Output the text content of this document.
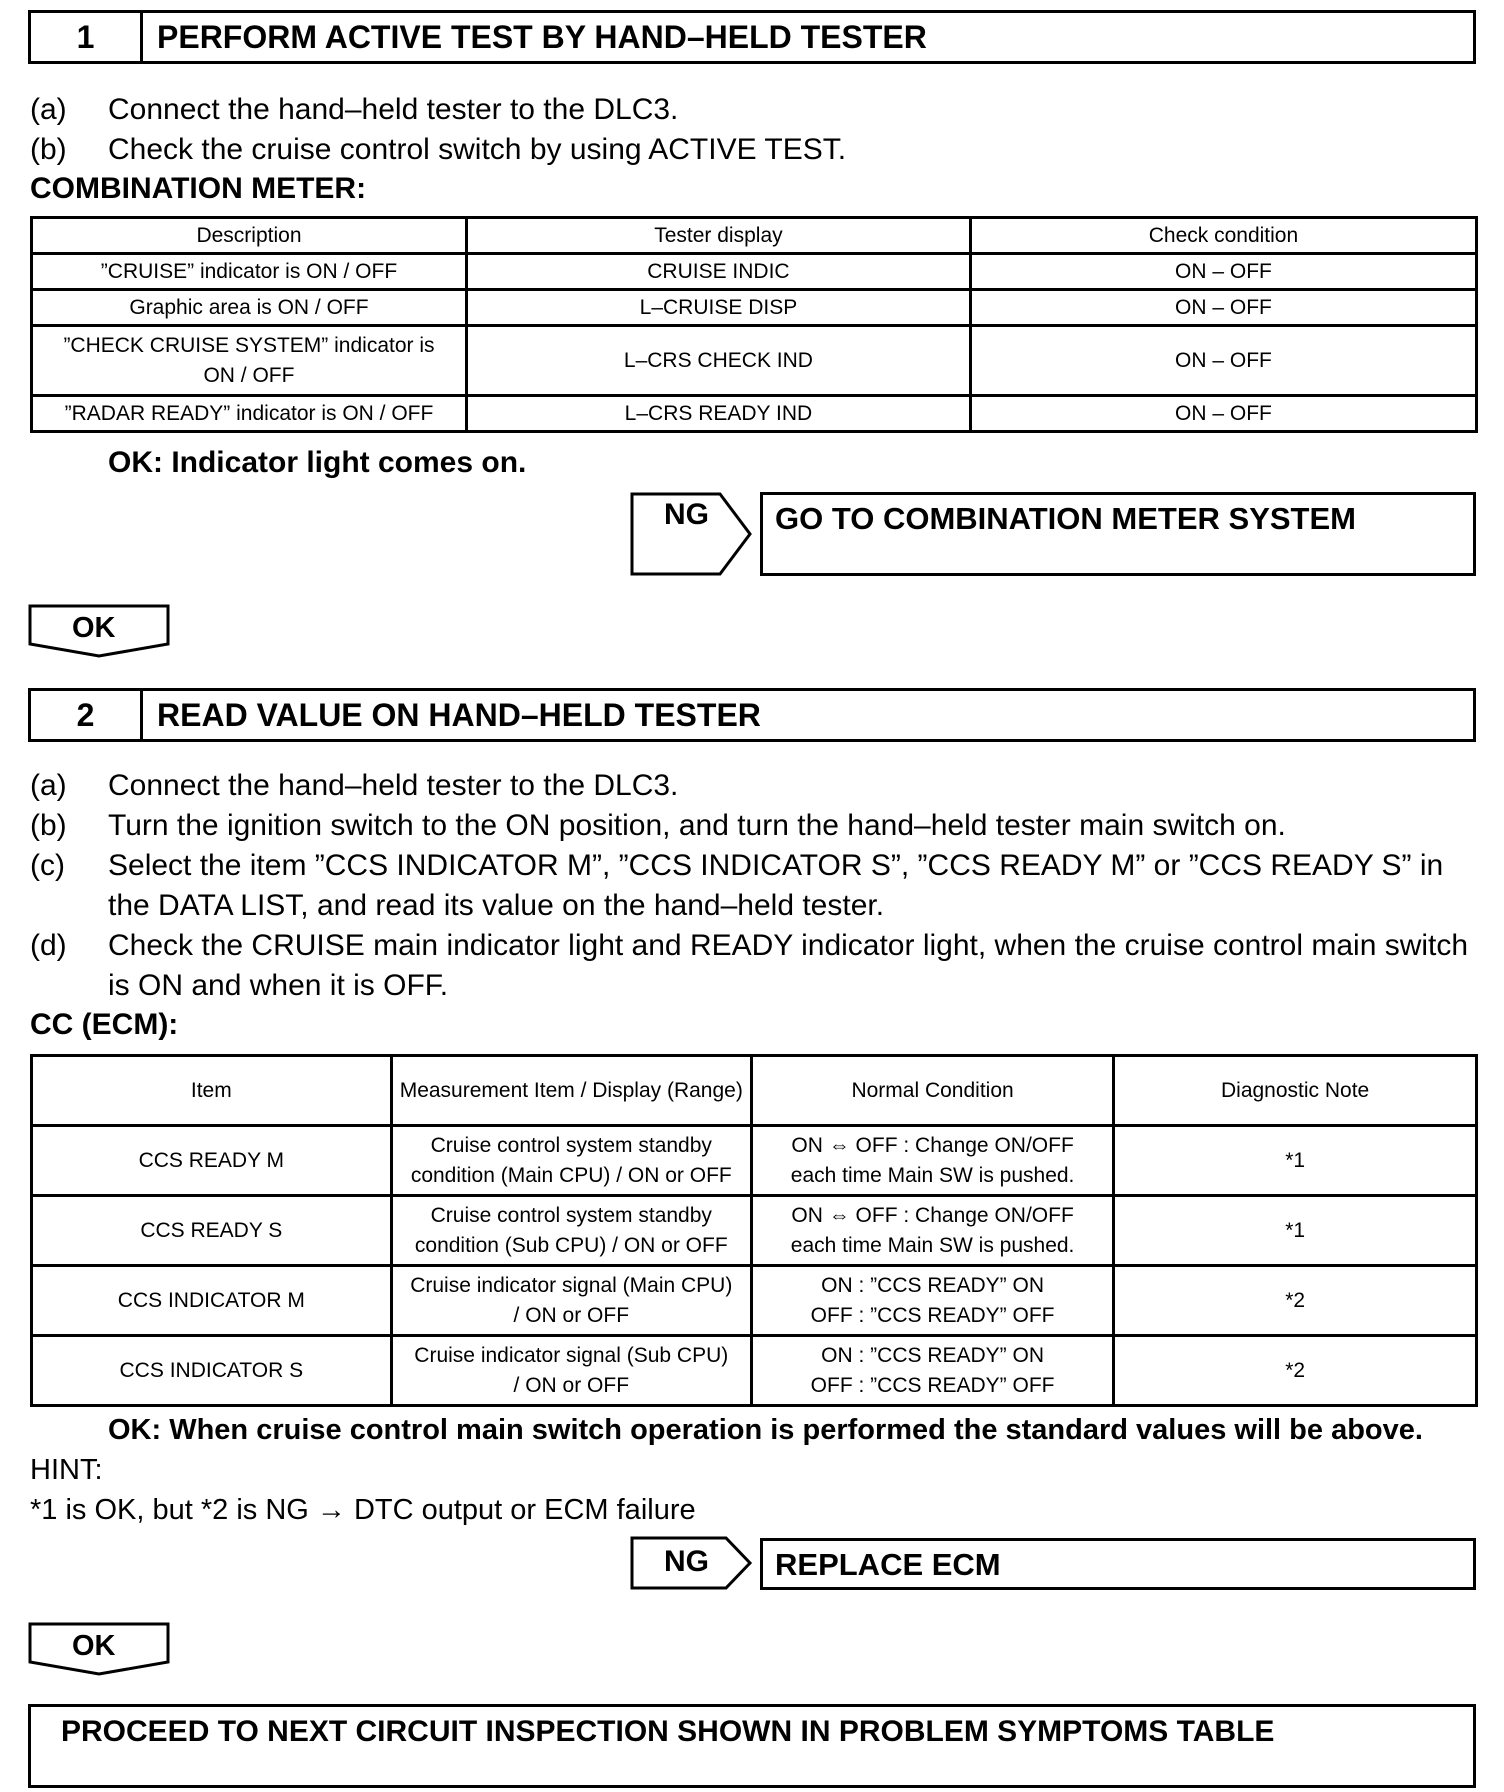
1	PERFORM ACTIVE TEST BY HAND–HELD TESTER
(a) Connect the hand–held tester to the DLC3.
(b) Check the cruise control switch by using ACTIVE TEST.
COMBINATION METER:
Description	Tester display	Check condition
”CRUISE” indicator is ON / OFF	CRUISE INDIC	ON – OFF
Graphic area is ON / OFF	L–CRUISE DISP	ON – OFF
”CHECK CRUISE SYSTEM” indicator is
ON / OFF	L–CRS CHECK IND	ON – OFF
”RADAR READY” indicator is ON / OFF	L–CRS READY IND	ON – OFF
OK: Indicator light comes on.
NG	GO TO COMBINATION METER SYSTEM
OK
2	READ VALUE ON HAND–HELD TESTER
(a) Connect the hand–held tester to the DLC3.
(b) Turn the ignition switch to the ON position, and turn the hand–held tester main switch on.
(c) Select the item ”CCS INDICATOR M”, ”CCS INDICATOR S”, ”CCS READY M” or ”CCS READY S” in
the DATA LIST, and read its value on the hand–held tester.
(d) Check the CRUISE main indicator light and READY indicator light, when the cruise control main switch
is ON and when it is OFF.
CC (ECM):
Item	Measurement Item / Display (Range)	Normal Condition	Diagnostic Note
CCS READY M	Cruise control system standby
condition (Main CPU) / ON or OFF	ON ⇔ OFF : Change ON/OFF
each time Main SW is pushed.	*1
CCS READY S	Cruise control system standby
condition (Sub CPU) / ON or OFF	ON ⇔ OFF : Change ON/OFF
each time Main SW is pushed.	*1
CCS INDICATOR M	Cruise indicator signal (Main CPU)
/ ON or OFF	ON : ”CCS READY” ON
OFF : ”CCS READY” OFF	*2
CCS INDICATOR S	Cruise indicator signal (Sub CPU)
/ ON or OFF	ON : ”CCS READY” ON
OFF : ”CCS READY” OFF	*2
OK: When cruise control main switch operation is performed the standard values will be above.
HINT:
*1 is OK, but *2 is NG → DTC output or ECM failure
NG	REPLACE ECM
OK
PROCEED TO NEXT CIRCUIT INSPECTION SHOWN IN PROBLEM SYMPTOMS TABLE
